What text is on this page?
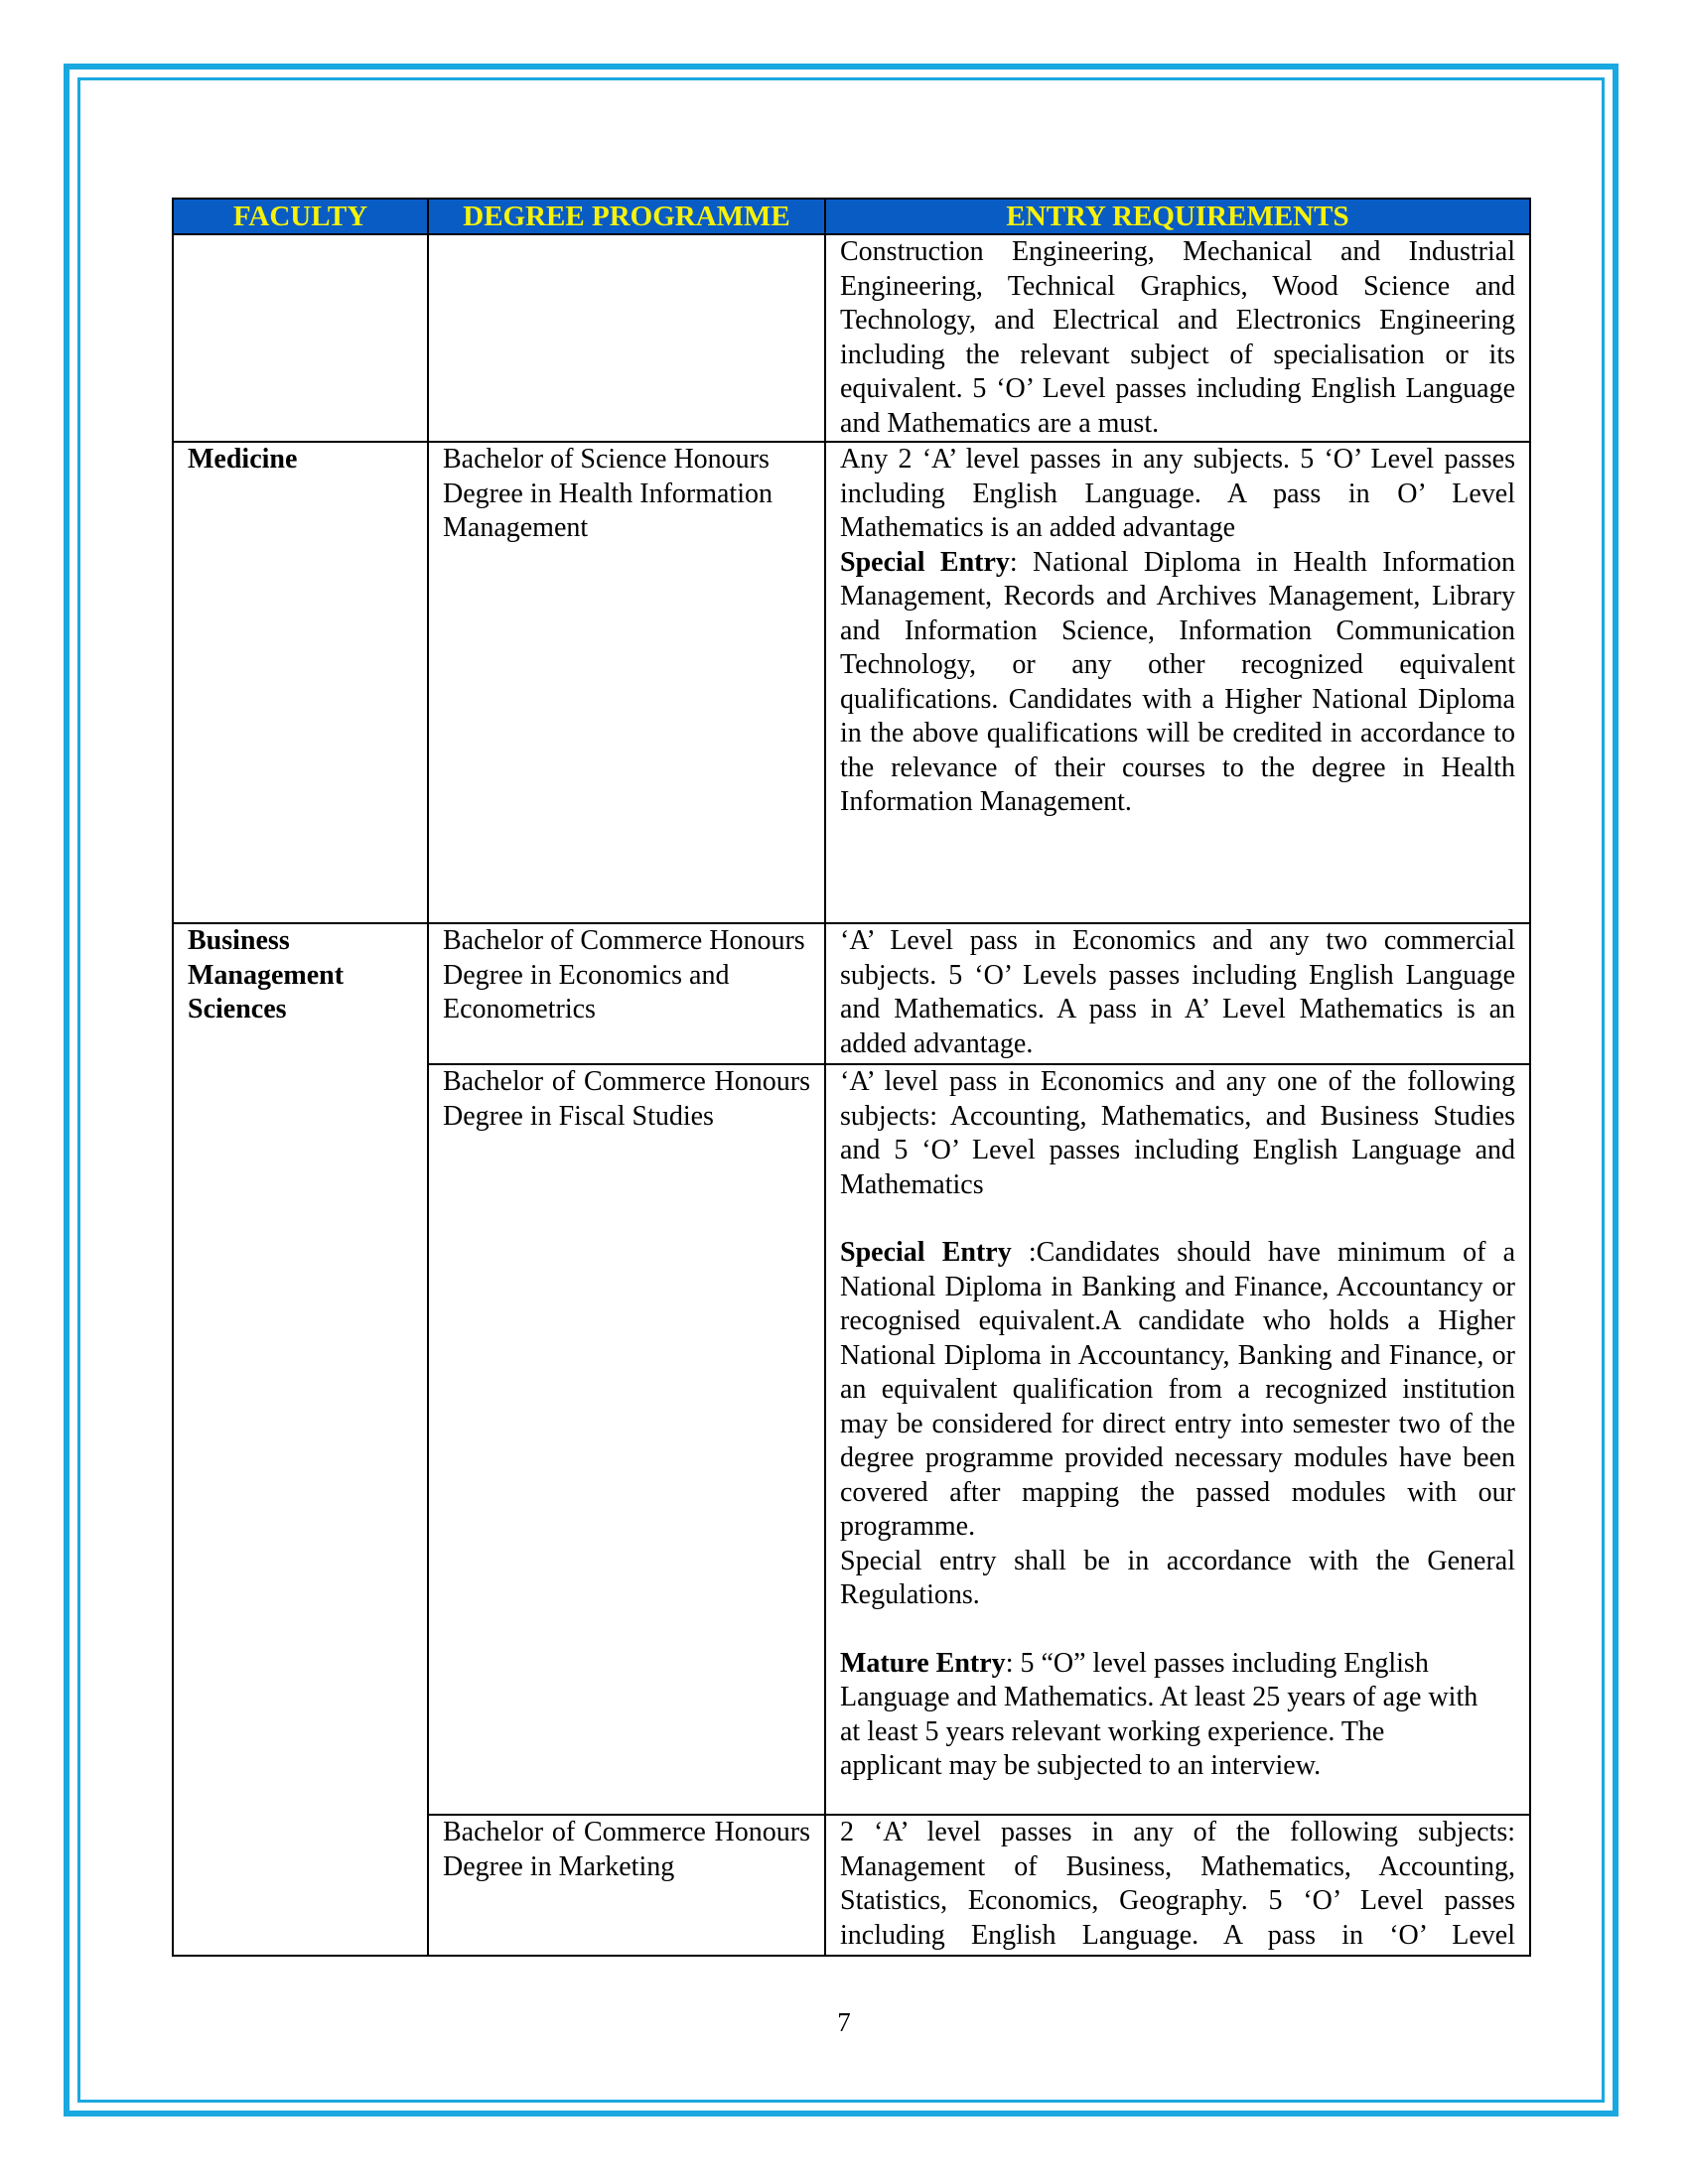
FACULTY	DEGREE PROGRAMME	ENTRY REQUIREMENTS

		Construction Engineering, Mechanical and Industrial Engineering, Technical Graphics, Wood Science and Technology, and Electrical and Electronics Engineering including the relevant subject of specialisation or its equivalent. 5 ‘O’ Level passes including English Language and Mathematics are a must.

Medicine	Bachelor of Science Honours Degree in Health Information Management	Any 2 ‘A’ level passes in any subjects. 5 ‘O’ Level passes including English Language. A pass in O’ Level Mathematics is an added advantage

Special Entry: National Diploma in Health Information Management, Records and Archives Management, Library and Information Science, Information Communication Technology, or any other recognized equivalent qualifications. Candidates with a Higher National Diploma in the above qualifications will be credited in accordance to the relevance of their courses to the degree in Health Information Management.

Business Management Sciences	Bachelor of Commerce Honours Degree in Economics and Econometrics	‘A’ Level pass in Economics and any two commercial subjects. 5 ‘O’ Levels passes including English Language and Mathematics. A pass in A’ Level Mathematics is an added advantage.

	Bachelor of Commerce Honours Degree in Fiscal Studies	‘A’ level pass in Economics and any one of the following subjects: Accounting, Mathematics, and Business Studies and 5 ‘O’ Level passes including English Language and Mathematics

Special Entry :Candidates should have minimum of a National Diploma in Banking and Finance, Accountancy or recognised equivalent.A candidate who holds a Higher National Diploma in Accountancy, Banking and Finance, or an equivalent qualification from a recognized institution may be considered for direct entry into semester two of the degree programme provided necessary modules have been covered after mapping the passed modules with our programme.

Special entry shall be in accordance with the General Regulations.

Mature Entry: 5 “O” level passes including English Language and Mathematics. At least 25 years of age with at least 5 years relevant working experience. The applicant may be subjected to an interview.

	Bachelor of Commerce Honours Degree in Marketing	2 ‘A’ level passes in any of the following subjects: Management of Business, Mathematics, Accounting, Statistics, Economics, Geography. 5 ‘O’ Level passes including English Language. A pass in ‘O’ Level

7
